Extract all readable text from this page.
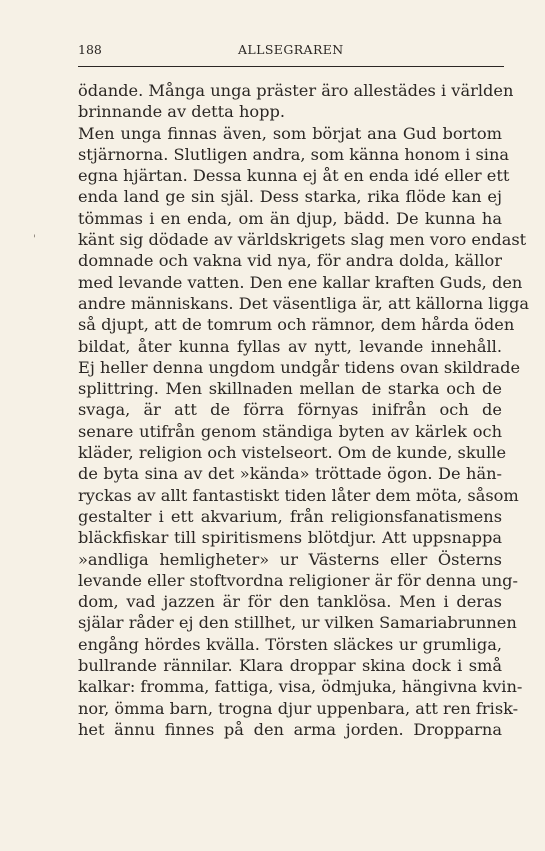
188	ALLSEGRAREN
'
ödande. Många unga präster äro allestädes i världen
brinnande av detta hopp.
Men unga finnas även, som börjat ana Gud bortom
stjärnorna. Slutligen andra, som känna honom i sina
egna hjärtan. Dessa kunna ej åt en enda idé eller ett
enda land ge sin själ. Dess starka, rika flöde kan ej
tömmas i en enda, om än djup, bädd. De kunna ha
känt sig dödade av världskrigets slag men voro endast
domnade och vakna vid nya, för andra dolda, källor
med levande vatten. Den ene kallar kraften Guds, den
andre människans. Det väsentliga är, att källorna ligga
så djupt, att de tomrum och rämnor, dem hårda öden
bildat, åter kunna fyllas av nytt, levande innehåll.
Ej heller denna ungdom undgår tidens ovan skildrade
splittring. Men skillnaden mellan de starka och de
svaga, är att de förra förnyas inifrån och de
senare utifrån genom ständiga byten av kärlek och
kläder, religion och vistelseort. Om de kunde, skulle
de byta sina av det »kända» tröttade ögon. De hän-
ryckas av allt fantastiskt tiden låter dem möta, såsom
gestalter i ett akvarium, från religionsfanatismens
bläckfiskar till spiritismens blötdjur. Att uppsnappa
»andliga hemligheter» ur Västerns eller Österns
levande eller stoftvordna religioner är för denna ung-
dom, vad jazzen är för den tanklösa. Men i deras
själar råder ej den stillhet, ur vilken Samariabrunnen
engång hördes kvälla. Törsten släckes ur grumliga,
bullrande rännilar. Klara droppar skina dock i små
kalkar: fromma, fattiga, visa, ödmjuka, hängivna kvin-
nor, ömma barn, trogna djur uppenbara, att ren frisk-
het ännu finnes på den arma jorden. Dropparna
